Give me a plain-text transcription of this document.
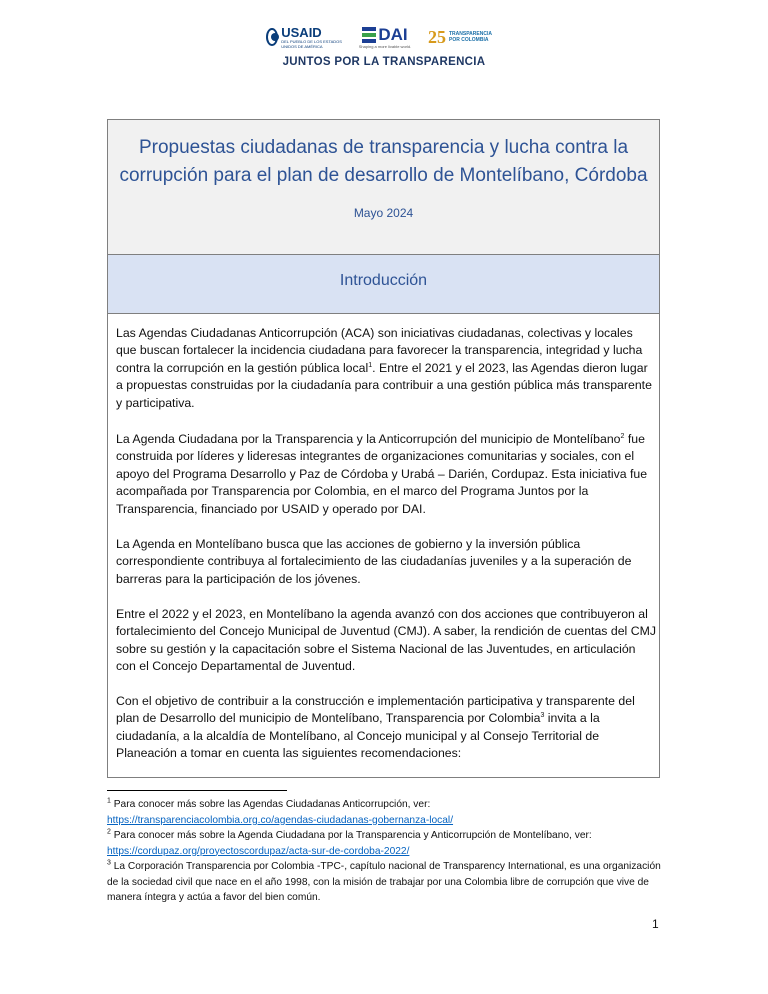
USAID
DEL PUEBLO DE LOS ESTADOS UNIDOS DE AMÉRICA
DAI
Shaping a more livable world. 25 TRANSPARENCIA
POR COLOMBIA
JUNTOS POR LA TRANSPARENCIA
Propuestas ciudadanas de transparencia y lucha contra la
corrupción para el plan de desarrollo de Montelíbano, Córdoba
Mayo 2024
Introducción

Las Agendas Ciudadanas Anticorrupción (ACA) son iniciativas ciudadanas, colectivas y locales que buscan fortalecer la incidencia ciudadana para favorecer la transparencia, integridad y lucha contra la corrupción en la gestión pública local$^1$. Entre el 2021 y el 2023, las Agendas dieron lugar a propuestas construidas por la ciudadanía para contribuir a una gestión pública más transparente y participativa.

La Agenda Ciudadana por la Transparencia y la Anticorrupción del municipio de Montelíbano$^2$ fue construida por líderes y lideresas integrantes de organizaciones comunitarias y sociales, con el apoyo del Programa Desarrollo y Paz de Córdoba y Urabá – Darién, Cordupaz. Esta iniciativa fue acompañada por Transparencia por Colombia, en el marco del Programa Juntos por la Transparencia, financiado por USAID y operado por DAI.

La Agenda en Montelíbano busca que las acciones de gobierno y la inversión pública correspondiente contribuya al fortalecimiento de las ciudadanías juveniles y a la superación de barreras para la participación de los jóvenes.

Entre el 2022 y el 2023, en Montelíbano la agenda avanzó con dos acciones que contribuyeron al fortalecimiento del Concejo Municipal de Juventud (CMJ). A saber, la rendición de cuentas del CMJ sobre su gestión y la capacitación sobre el Sistema Nacional de las Juventudes, en articulación con el Concejo Departamental de Juventud.

Con el objetivo de contribuir a la construcción e implementación participativa y transparente del plan de Desarrollo del municipio de Montelíbano, Transparencia por Colombia$^3$ invita a la ciudadanía, a la alcaldía de Montelíbano, al Concejo municipal y al Consejo Territorial de Planeación a tomar en cuenta las siguientes recomendaciones:

$^1$ Para conocer más sobre las Agendas Ciudadanas Anticorrupción, ver:
https://transparenciacolombia.org.co/agendas-ciudadanas-gobernanza-local/
$^2$ Para conocer más sobre la Agenda Ciudadana por la Transparencia y Anticorrupción de Montelíbano, ver:
https://cordupaz.org/proyectoscordupaz/acta-sur-de-cordoba-2022/
$^3$ La Corporación Transparencia por Colombia -TPC-, capítulo nacional de Transparency International, es una organización de la sociedad civil que nace en el año 1998, con la misión de trabajar por una Colombia libre de corrupción que vive de manera íntegra y actúa a favor del bien común.
1
